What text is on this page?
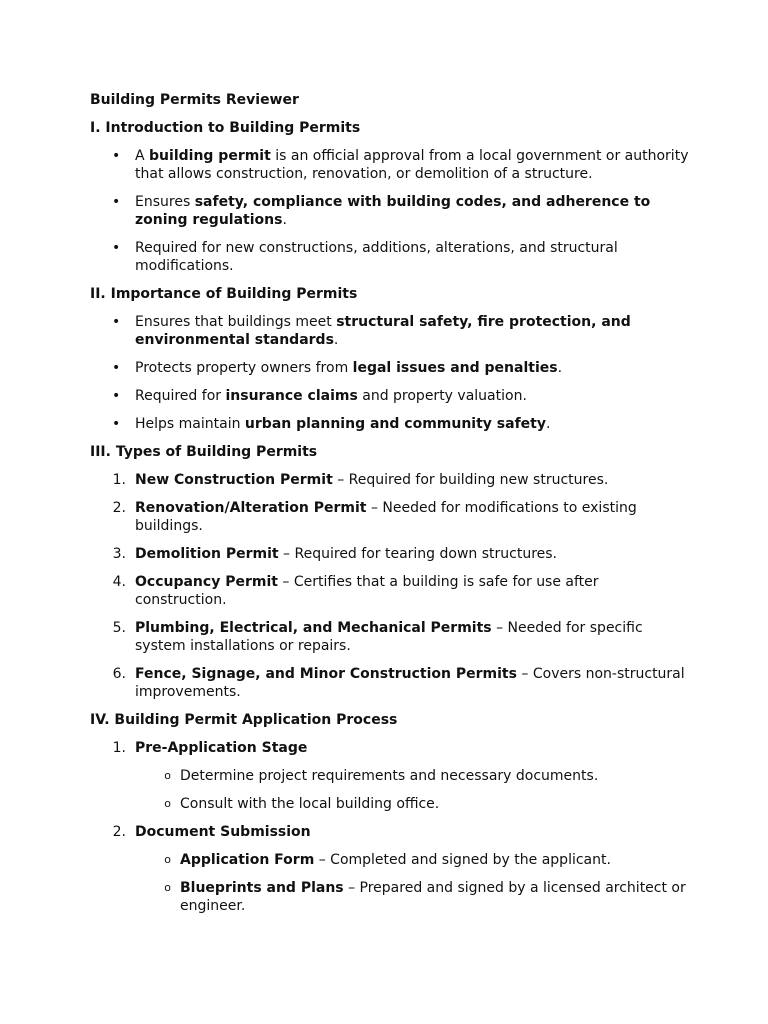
Building Permits Reviewer
I. Introduction to Building Permits
• A building permit is an official approval from a local government or authority that allows construction, renovation, or demolition of a structure.
• Ensures safety, compliance with building codes, and adherence to zoning regulations.
• Required for new constructions, additions, alterations, and structural modifications.
II. Importance of Building Permits
• Ensures that buildings meet structural safety, fire protection, and environmental standards.
• Protects property owners from legal issues and penalties.
• Required for insurance claims and property valuation.
• Helps maintain urban planning and community safety.
III. Types of Building Permits
1. New Construction Permit – Required for building new structures.
2. Renovation/Alteration Permit – Needed for modifications to existing buildings.
3. Demolition Permit – Required for tearing down structures.
4. Occupancy Permit – Certifies that a building is safe for use after construction.
5. Plumbing, Electrical, and Mechanical Permits – Needed for specific system installations or repairs.
6. Fence, Signage, and Minor Construction Permits – Covers non-structural improvements.
IV. Building Permit Application Process
1. Pre-Application Stage
o Determine project requirements and necessary documents.
o Consult with the local building office.
2. Document Submission
o Application Form – Completed and signed by the applicant.
o Blueprints and Plans – Prepared and signed by a licensed architect or engineer.
